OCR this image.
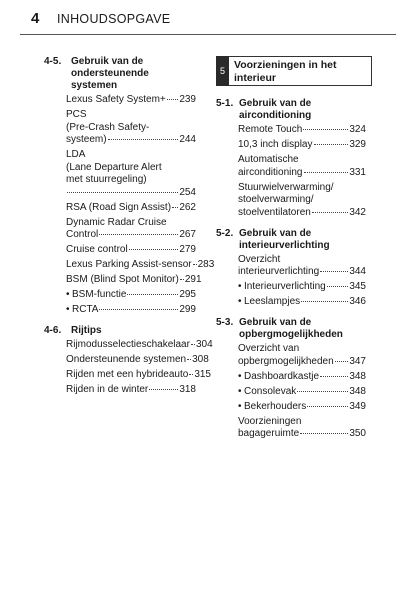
4 INHOUDSOPGAVE
4-5. Gebruik van de
ondersteunende systemen
Lexus Safety System+ 239
PCS
(Pre-Crash Safety-
systeem)	244
LDA
(Lane Departure Alert
met stuurregeling)
254
RSA (Road Sign Assist) 262
Dynamic Radar Cruise
Control	267
Cruise control	279
Lexus Parking Assist-sensor 283
BSM (Blind Spot Monitor) 291
• BSM-functie	295
• RCTA	299
4-6. Rijtips
Rijmodusselectieschakelaar 304
Ondersteunende systemen 308
Rijden met een hybrideauto 315
Rijden in de winter	318
5 Voorzieningen in het
interieur
5-1. Gebruik van de airconditioning
Remote Touch	324
10,3 inch display	329
Automatische
airconditioning	331
Stuurwielverwarming/
stoelverwarming/
stoelventilatoren	342
5-2. Gebruik van de
interieurverlichting
Overzicht
interieurverlichting	344
• Interieurverlichting 345
• Leeslampjes	346
5-3. Gebruik van de
opbergmogelijkheden
Overzicht van
opbergmogelijkheden 347
• Dashboardkastje	348
• Consolevak	348
• Bekerhouders	349
Voorzieningen
bagageruimte	350
